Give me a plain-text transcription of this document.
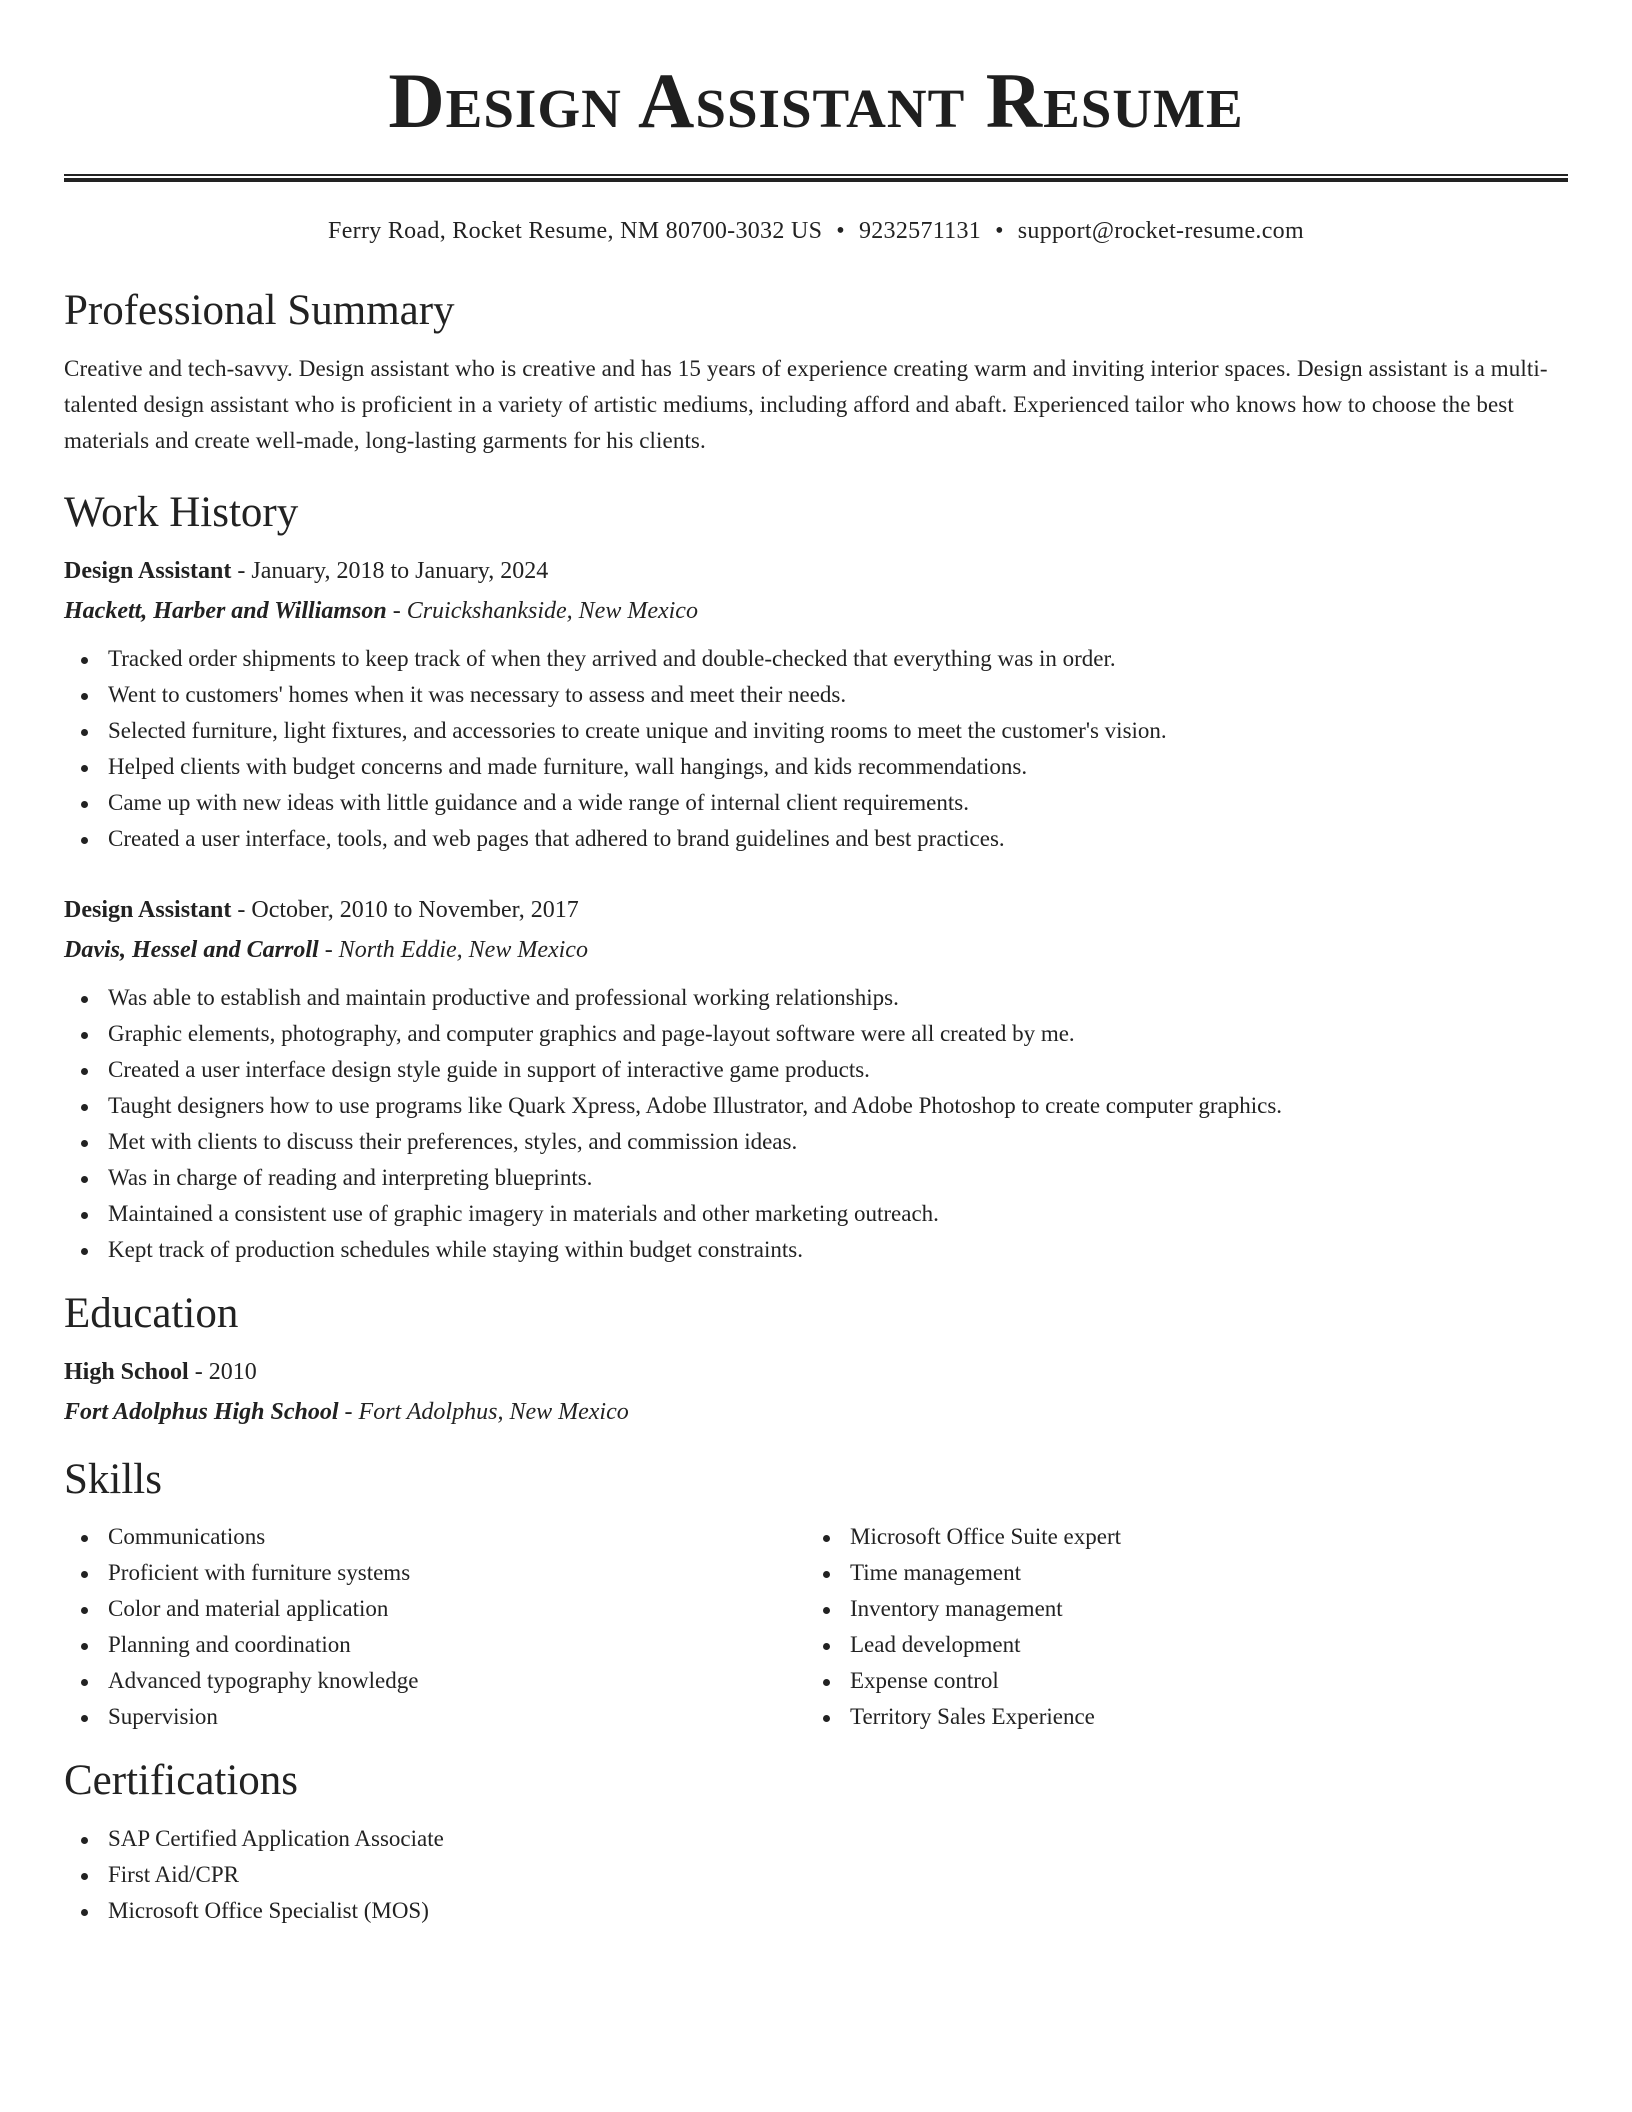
Design Assistant Resume
Ferry Road, Rocket Resume, NM 80700-3032 US • 9232571131 • support@rocket-resume.com
Professional Summary

Creative and tech-savvy. Design assistant who is creative and has 15 years of experience creating warm and inviting interior spaces. Design assistant is a multi-talented design assistant who is proficient in a variety of artistic mediums, including afford and abaft. Experienced tailor who knows how to choose the best materials and create well-made, long-lasting garments for his clients.

Work History
Design Assistant - January, 2018 to January, 2024
Hackett, Harber and Williamson - Cruickshankside, New Mexico
Tracked order shipments to keep track of when they arrived and double-checked that everything was in order.
Went to customers' homes when it was necessary to assess and meet their needs.
Selected furniture, light fixtures, and accessories to create unique and inviting rooms to meet the customer's vision.
Helped clients with budget concerns and made furniture, wall hangings, and kids recommendations.
Came up with new ideas with little guidance and a wide range of internal client requirements.
Created a user interface, tools, and web pages that adhered to brand guidelines and best practices.
Design Assistant - October, 2010 to November, 2017
Davis, Hessel and Carroll - North Eddie, New Mexico
Was able to establish and maintain productive and professional working relationships.
Graphic elements, photography, and computer graphics and page-layout software were all created by me.
Created a user interface design style guide in support of interactive game products.
Taught designers how to use programs like Quark Xpress, Adobe Illustrator, and Adobe Photoshop to create computer graphics.
Met with clients to discuss their preferences, styles, and commission ideas.
Was in charge of reading and interpreting blueprints.
Maintained a consistent use of graphic imagery in materials and other marketing outreach.
Kept track of production schedules while staying within budget constraints.
Education
High School - 2010
Fort Adolphus High School - Fort Adolphus, New Mexico
Skills
Communications
Proficient with furniture systems
Color and material application
Planning and coordination
Advanced typography knowledge
Supervision
Microsoft Office Suite expert
Time management
Inventory management
Lead development
Expense control
Territory Sales Experience
Certifications
SAP Certified Application Associate
First Aid/CPR
Microsoft Office Specialist (MOS)
